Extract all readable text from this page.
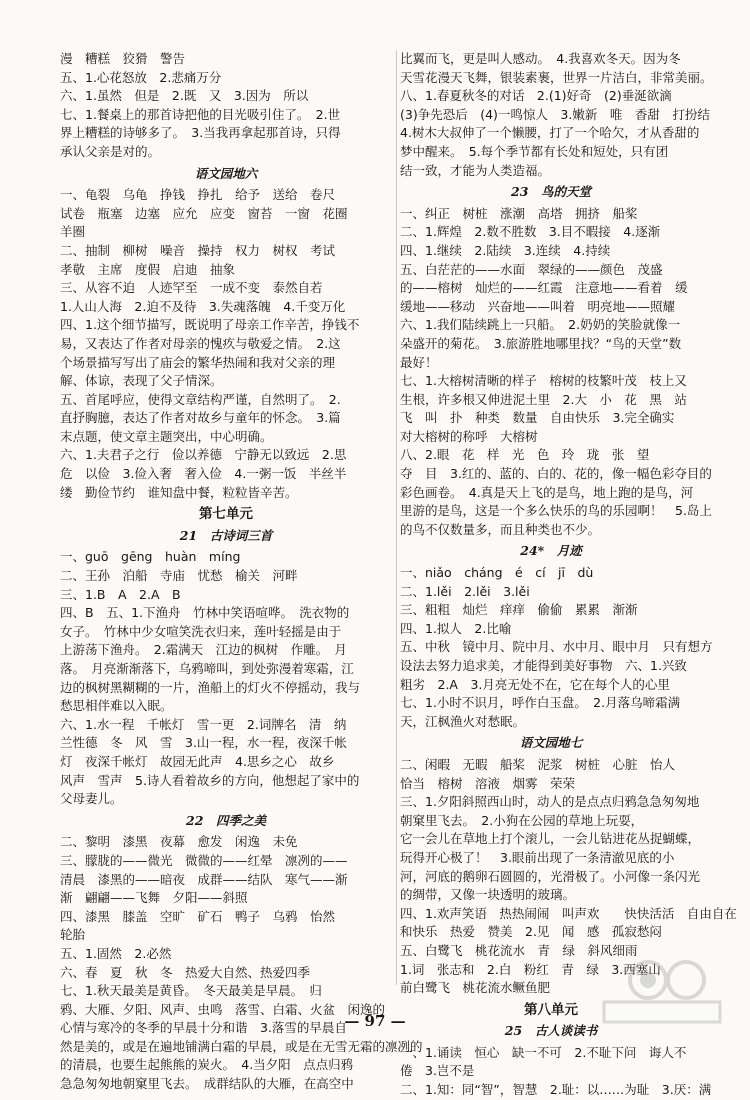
漫　糟糕　狡猾　警告
五、1.心花怒放　2.悲痛万分
六、1.虽然　但是　2.既　又　3.因为　所以
七、1.餐桌上的那首诗把他的目光吸引住了。　2.世
界上糟糕的诗够多了。　3.当我再拿起那首诗，只得
承认父亲是对的。
语文园地六
一、龟裂　乌龟　挣钱　挣扎　给予　送给　卷尺
试卷　瓶塞　边塞　应允　应变　窗苔　一窗　花圈
羊圈
二、抽制　柳树　噪音　操持　权力　树权　考试
孝敬　主席　度假　启迪　抽象
三、从容不迫　人迹罕至　一成不变　泰然自若
1.人山人海　2.迫不及待　3.失魂落魄　4.千变万化
四、1.这个细节描写，既说明了母亲工作辛苦，挣钱不
易，又表达了作者对母亲的愧疚与敬爱之情。　2.这
个场景描写写出了庙会的繁华热闹和我对父亲的理
解、体谅，表现了父子情深。
五、首尾呼应，使得文章结构严谨，自然明了。　2.
直抒胸臆，表达了作者对故乡与童年的怀念。　3.篇
末点题，使文章主题突出，中心明确。
六、1.夫君子之行　俭以养德　宁静无以致远　2.思
危　以俭　3.俭入奢　奢入俭　4.一粥一饭　半丝半
缕　勤俭节约　谁知盘中餐，粒粒皆辛苦。
第七单元
21　古诗词三首
一、guō　gēng　huàn　míng
二、王孙　泊船　寺庙　忧愁　榆关　河畔
三、1.B　A　2.A　B
四、B　五、1.下渔舟　竹林中笑语喧哗。　洗衣物的
女子。　竹林中少女喧笑洗衣归来，莲叶轻摇是由于
上游荡下渔舟。　2.霜满天　江边的枫树　作雕。　月
落。　月亮渐渐落下，乌鸦啼叫，到处弥漫着寒霜，江
边的枫树黑糊糊的一片，渔船上的灯火不停摇动，我与
愁思相伴难以入眠。
六、1.水一程　千帐灯　雪一更　2.词牌名　清　纳
兰性德　冬　风　雪　3.山一程，水一程，夜深千帐
灯　夜深千帐灯　故园无此声　4.思乡之心　故乡
风声　雪声　5.诗人看着故乡的方向，他想起了家中的
父母妻儿。
22　四季之美
二、黎明　漆黑　夜幕　愈发　闲逸　未免
三、朦胧的——微光　微微的——红晕　凛冽的——
清晨　漆黑的——暗夜　成群——结队　寒气——渐
渐　翩翩——飞舞　夕阳——斜照
四、漆黑　膝盖　空旷　矿石　鸭子　乌鸦　怡然
轮胎
五、1.固然　2.必然
六、春　夏　秋　冬　热爱大自然、热爱四季
七、1.秋天最美是黄昏。　冬天最美是早晨。　归
鸦、大雁、夕阳、风声、虫鸣　落雪、白霜、火盆　闲逸的
心情与寒冷的冬季的早晨十分和谐　3.落雪的早晨自
然是美的，或是在遍地铺满白霜的早晨，或是在无雪无霜的凛冽的
的清晨，也要生起熊熊的炭火。　4.当夕阳　点点归鸦
急急匆匆地朝窠里飞去。　成群结队的大雁，在高空中
比翼而飞，更是叫人感动。　4.我喜欢冬天。因为冬
天雪花漫天飞舞，银装素裹，世界一片洁白，非常美丽。
八、1.春夏秋冬的对话　2.(1)好奇　(2)垂涎欲滴
(3)争先恐后　(4)一鸣惊人　3.嫩新　唯　香甜　打扮结
4.树木大叔伸了一个懒腰，打了一个哈欠，才从香甜的
梦中醒来。　5.每个季节都有长处和短处，只有团
结一致，才能为人类造福。
23　鸟的天堂
一、纠正　树桩　涨潮　高塔　拥挤　船桨
二、1.辉煌　2.数不胜数　3.目不暇接　4.逐渐
四、1.继续　2.陆续　3.连续　4.持续
五、白茫茫的——水面　翠绿的——颜色　茂盛
的——榕树　灿烂的——红霞　注意地——看着　缓
缓地——移动　兴奋地——叫着　明亮地——照耀
六、1.我们陆续跳上一只船。　2.奶奶的笑脸就像一
朵盛开的菊花。　3.旅游胜地哪里找？“鸟的天堂”数
最好！
七、1.大榕树清晰的样子　榕树的枝繁叶茂　枝上又
生根，许多根又伸进泥土里　2.大　小　花　黑　站
飞　叫　扑　种类　数量　自由快乐　3.完全确实
对大榕树的称呼　大榕树
八、2.眼　花　样　光　色　玲　珑　张　望
夺　目　3.红的、蓝的、白的、花的，像一幅色彩夺目的
彩色画卷。　4.真是天上飞的是鸟，地上跑的是鸟，河
里游的是鸟，这是一个多么快乐的鸟的乐园啊！　5.岛上
的鸟不仅数量多，而且种类也不少。
24*　月迹
一、niǎo　cháng　é　cí　jī　dù
二、1.lěi　2.lěi　3.lěi
三、粗粗　灿烂　痒痒　偷偷　累累　渐渐
四、1.拟人　2.比喻
五、中秋　镜中月、院中月、水中月、眼中月　只有想方
设法去努力追求美，才能得到美好事物　六、1.兴致
粗劣　2.A　3.月亮无处不在，它在每个人的心里
七、1.小时不识月，呼作白玉盘。　2.月落乌啼霜满
天，江枫渔火对愁眠。
语文园地七
二、闲暇　无暇　船桨　泥浆　树桩　心脏　怡人
恰当　榕树　溶液　烟雾　荣荣
三、1.夕阳斜照西山时，动人的是点点归鸦急急匆匆地
朝窠里飞去。　2.小狗在公园的草地上玩耍，
它一会儿在草地上打个滚儿，一会儿钻进花丛捉蝴蝶，
玩得开心极了！　3.眼前出现了一条清澈见底的小
河，河底的鹅卵石圆圆的，光滑极了。小河像一条闪光
的绸带，又像一块透明的玻璃。
四、1.欢声笑语　热热闹闹　叫声欢　　快快活活　自由自在
和快乐　热爱　赞美　2.见　闻　感　孤寂愁闷
五、白鹭飞　桃花流水　青　绿　斜风细雨
1.词　张志和　2.白　粉红　青　绿　3.西塞山
前白鹭飞　桃花流水鳜鱼肥
第八单元
25　古人谈读书
一、1.诵读　恒心　缺一不可　2.不耻下问　诲人不
倦　3.岂不是
二、1.知：同“智”，智慧　2.耻：以……为耻　3.厌：满
— 97 —
